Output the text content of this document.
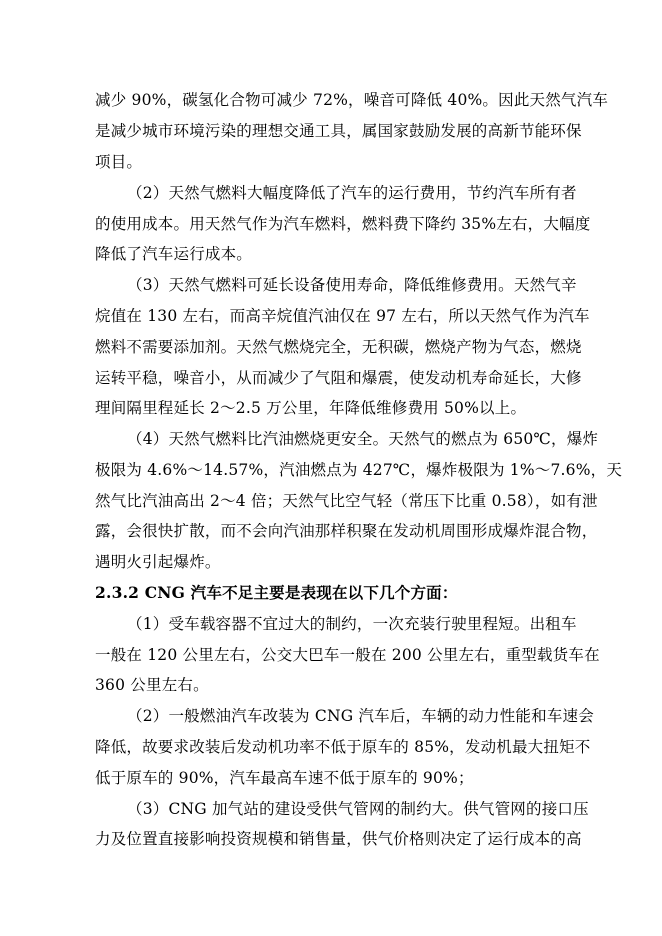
减少 90%，碳氢化合物可减少 72%，噪音可降低 40%。因此天然气汽车
是减少城市环境污染的理想交通工具，属国家鼓励发展的高新节能环保
项目。
（2）天然气燃料大幅度降低了汽车的运行费用，节约汽车所有者
的使用成本。用天然气作为汽车燃料，燃料费下降约 35%左右，大幅度
降低了汽车运行成本。
（3）天然气燃料可延长设备使用寿命，降低维修费用。天然气辛
烷值在 130 左右，而高辛烷值汽油仅在 97 左右，所以天然气作为汽车
燃料不需要添加剂。天然气燃烧完全，无积碳，燃烧产物为气态，燃烧
运转平稳，噪音小，从而减少了气阻和爆震，使发动机寿命延长，大修
理间隔里程延长 2～2.5 万公里，年降低维修费用 50%以上。
（4）天然气燃料比汽油燃烧更安全。天然气的燃点为 650℃，爆炸
极限为 4.6%～14.57%，汽油燃点为 427℃，爆炸极限为 1%～7.6%，天
然气比汽油高出 2～4 倍；天然气比空气轻（常压下比重 0.58），如有泄
露，会很快扩散，而不会向汽油那样积聚在发动机周围形成爆炸混合物，
遇明火引起爆炸。
2.3.2 CNG 汽车不足主要是表现在以下几个方面：
（1）受车载容器不宜过大的制约，一次充装行驶里程短。出租车
一般在 120 公里左右，公交大巴车一般在 200 公里左右，重型载货车在
360 公里左右。
（2）一般燃油汽车改装为 CNG 汽车后，车辆的动力性能和车速会
降低，故要求改装后发动机功率不低于原车的 85%，发动机最大扭矩不
低于原车的 90%，汽车最高车速不低于原车的 90%；
（3）CNG 加气站的建设受供气管网的制约大。供气管网的接口压
力及位置直接影响投资规模和销售量，供气价格则决定了运行成本的高
